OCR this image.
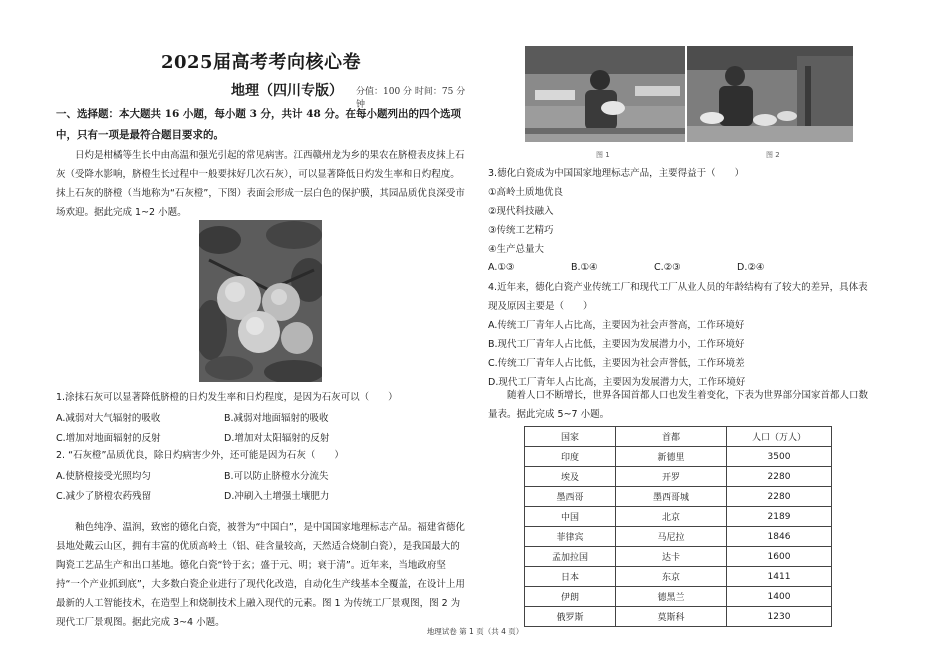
2025届高考考向核心卷
地理（四川专版） 分值：100 分 时间：75 分钟
一、选择题：本大题共 16 小题，每小题 3 分，共计 48 分。在每小题列出的四个选项中，只有一项是最符合题目要求的。
日灼是柑橘等生长中由高温和强光引起的常见病害。江西赣州龙为乡的果农在脐橙表皮抹上石灰（受降水影响，脐橙生长过程中一般要抹好几次石灰），可以显著降低日灼发生率和日灼程度。抹上石灰的脐橙（当地称为“石灰橙”，下图）表面会形成一层白色的保护膜，其园品质优良深受市场欢迎。据此完成 1~2 小题。
1.涂抹石灰可以显著降低脐橙的日灼发生率和日灼程度，是因为石灰可以（　　）
A.减弱对大气辐射的吸收	B.减弱对地面辐射的吸收
C.增加对地面辐射的反射	D.增加对太阳辐射的反射
2. “石灰橙”品质优良，除日灼病害少外，还可能是因为石灰（　　）
A.使脐橙接受光照均匀	B.可以防止脐橙水分流失
C.减少了脐橙农药残留	D.冲刷入土增强土壤肥力
釉色纯净、温润，致密的德化白瓷，被誉为“中国白”，是中国国家地理标志产品。福建省德化县地处戴云山区，拥有丰富的优质高岭土（铝、硅含量较高，天然适合烧制白瓷），是我国最大的陶瓷工艺品生产和出口基地。德化白瓷“铃于玄；盛于元、明；衰于清”。近年来，当地政府坚持“一个产业抓到底”，大多数白瓷企业进行了现代化改造，自动化生产线基本全覆盖，在设计上用最新的人工智能技术，在造型上和烧制技术上融入现代的元素。图 1 为传统工厂景观图，图 2 为现代工厂景观图。据此完成 3~4 小题。
图 1	图 2
3.德化白瓷成为中国国家地理标志产品，主要得益于（　　）
①高岭土质地优良
②现代科技融入
③传统工艺精巧
④生产总量大
A.①③	B.①④	C.②③	D.②④
4.近年来，德化白瓷产业传统工厂和现代工厂从业人员的年龄结构有了较大的差异，具体表现及原因主要是（　　）
A.传统工厂青年人占比高，主要因为社会声誉高，工作环境好
B.现代工厂青年人占比低，主要因为发展潜力小，工作环境好
C.传统工厂青年人占比低，主要因为社会声誉低，工作环境差
D.现代工厂青年人占比高，主要因为发展潜力大，工作环境好
随着人口不断增长，世界各国首都人口也发生着变化，下表为世界部分国家首都人口数量表。据此完成 5~7 小题。
国家	首都	人口（万人）
印度	新德里	3500
埃及	开罗	2280
墨西哥	墨西哥城	2280
中国	北京	2189
菲律宾	马尼拉	1846
孟加拉国	达卡	1600
日本	东京	1411
伊朗	德黑兰	1400
俄罗斯	莫斯科	1230
地理试卷 第 1 页（共 4 页）
